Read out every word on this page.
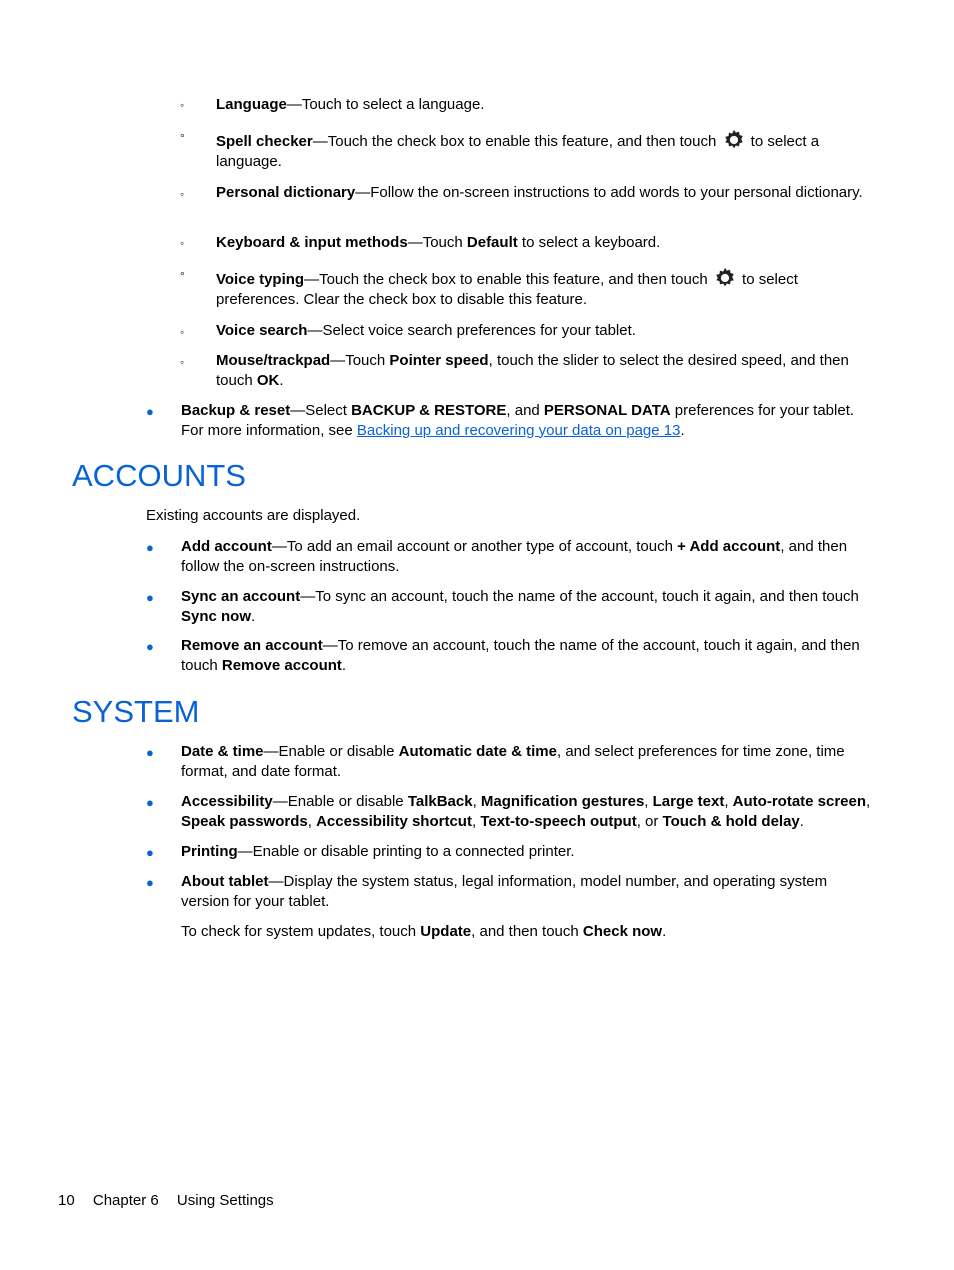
◦ Language—Touch to select a language.
° Spell checker—Touch the check box to enable this feature, and then touch  to select a language.
◦ Personal dictionary—Follow the on-screen instructions to add words to your personal dictionary.
◦ Keyboard & input methods—Touch Default to select a keyboard.
° Voice typing—Touch the check box to enable this feature, and then touch  to select preferences. Clear the check box to disable this feature.
◦ Voice search—Select voice search preferences for your tablet.
◦ Mouse/trackpad—Touch Pointer speed, touch the slider to select the desired speed, and then touch OK.
● Backup & reset—Select BACKUP & RESTORE, and PERSONAL DATA preferences for your tablet. For more information, see Backing up and recovering your data on page 13.
ACCOUNTS
Existing accounts are displayed.
● Add account—To add an email account or another type of account, touch + Add account, and then follow the on-screen instructions.
● Sync an account—To sync an account, touch the name of the account, touch it again, and then touch Sync now.
● Remove an account—To remove an account, touch the name of the account, touch it again, and then touch Remove account.
SYSTEM
● Date & time—Enable or disable Automatic date & time, and select preferences for time zone, time format, and date format.
● Accessibility—Enable or disable TalkBack, Magnification gestures, Large text, Auto-rotate screen, Speak passwords, Accessibility shortcut, Text-to-speech output, or Touch & hold delay.
● Printing—Enable or disable printing to a connected printer.
● About tablet—Display the system status, legal information, model number, and operating system version for your tablet.
To check for system updates, touch Update, and then touch Check now.
10 Chapter 6 Using Settings
